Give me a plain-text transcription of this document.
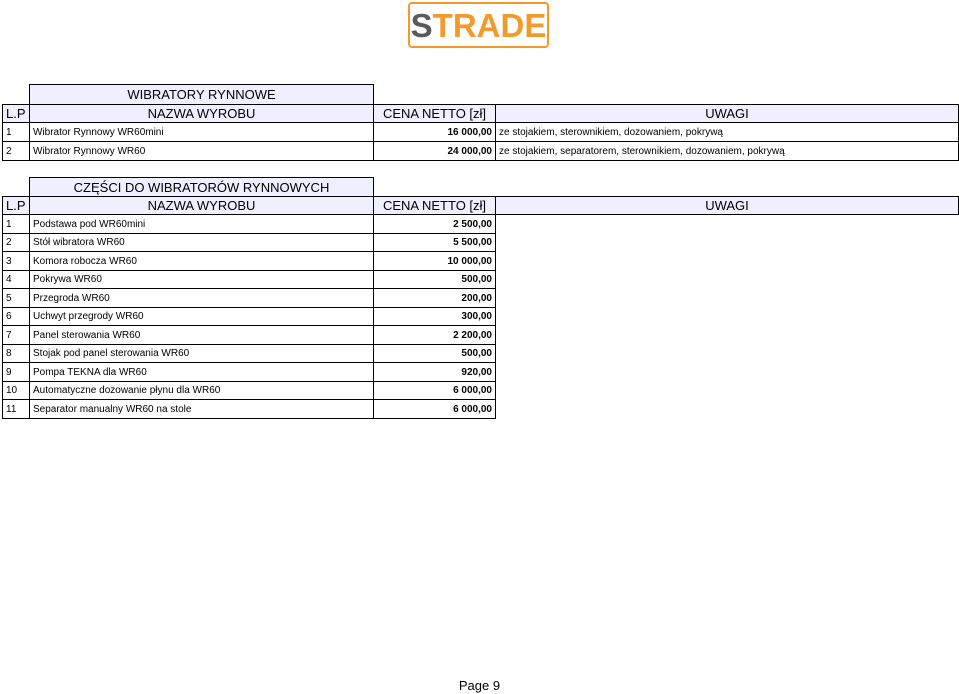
STRADE
	WIBRATORY RYNNOWE		
L.P	NAZWA WYROBU	CENA NETTO [zł]	UWAGI
1	Wibrator Rynnowy WR60mini	16 000,00	ze stojakiem, sterownikiem, dozowaniem, pokrywą
2	Wibrator Rynnowy WR60	24 000,00	ze stojakiem, separatorem, sterownikiem, dozowaniem, pokrywą
	CZĘŚCI DO WIBRATORÓW RYNNOWYCH		
L.P	NAZWA WYROBU	CENA NETTO [zł]	UWAGI
1	Podstawa pod WR60mini	2 500,00	
2	Stół wibratora WR60	5 500,00	
3	Komora robocza WR60	10 000,00	
4	Pokrywa WR60	500,00	
5	Przegroda WR60	200,00	
6	Uchwyt przegrody WR60	300,00	
7	Panel sterowania WR60	2 200,00	
8	Stojak pod panel sterowania WR60	500,00	
9	Pompa TEKNA dla WR60	920,00	
10	Automatyczne dozowanie płynu dla WR60	6 000,00	
11	Separator manualny WR60 na stole	6 000,00	
Page 9
